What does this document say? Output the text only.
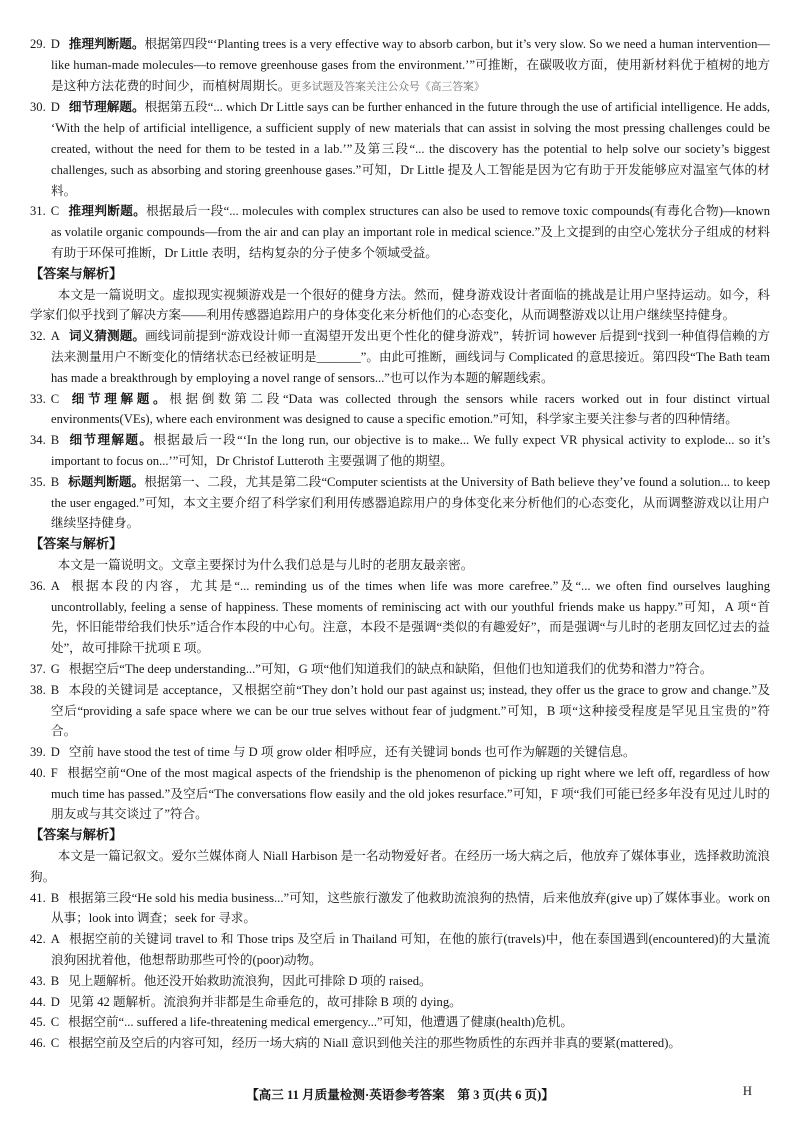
29. D 推理判断题。根据第四段“‘Planting trees is a very effective way to absorb carbon, but it’s very slow. So we need a human intervention—like human-made molecules—to remove greenhouse gases from the environment.’”可推断，在碳吸收方面，使用新材料优于植树的地方是这种方法花费的时间少，而植树周期长。更多试题及答案关注公众号《高三答案》

30. D 细节理解题。根据第五段“... which Dr Little says can be further enhanced in the future through the use of artificial intelligence. He adds, ‘With the help of artificial intelligence, a sufficient supply of new materials that can assist in solving the most pressing challenges could be created, without the need for them to be tested in a lab.’”及第三段“... the discovery has the potential to help solve our society’s biggest challenges, such as absorbing and storing greenhouse gases.”可知，Dr Little 提及人工智能是因为它有助于开发能够应对温室气体的材料。

31. C 推理判断题。根据最后一段“... molecules with complex structures can also be used to remove toxic compounds(有毒化合物)—known as volatile organic compounds—from the air and can play an important role in medical science.”及上文提到的由空心笼状分子组成的材料有助于环保可推断，Dr Little 表明，结构复杂的分子使多个领域受益。

【答案与解析】

本文是一篇说明文。虚拟现实视频游戏是一个很好的健身方法。然而，健身游戏设计者面临的挑战是让用户坚持运动。如今，科学家们似乎找到了解决方案——利用传感器追踪用户的身体变化来分析他们的心态变化，从而调整游戏以让用户继续坚持健身。

32. A 词义猜测题。画线词前提到“游戏设计师一直渴望开发出更个性化的健身游戏”，转折词 however 后提到“找到一种值得信赖的方法来测量用户不断变化的情绪状态已经被证明是_______”。由此可推断，画线词与 Complicated 的意思接近。第四段“The Bath team has made a breakthrough by employing a novel range of sensors...”也可以作为本题的解题线索。

33. C 细节理解题。根据倒数第二段“Data was collected through the sensors while racers worked out in four distinct virtual environments(VEs), where each environment was designed to cause a specific emotion.”可知，科学家主要关注参与者的四种情绪。

34. B 细节理解题。根据最后一段“‘In the long run, our objective is to make... We fully expect VR physical activity to explode... so it’s important to focus on...’”可知，Dr Christof Lutteroth 主要强调了他的期望。

35. B 标题判断题。根据第一、二段，尤其是第二段“Computer scientists at the University of Bath believe they’ve found a solution... to keep the user engaged.”可知，本文主要介绍了科学家们利用传感器追踪用户的身体变化来分析他们的心态变化，从而调整游戏以让用户继续坚持健身。

【答案与解析】

本文是一篇说明文。文章主要探讨为什么我们总是与儿时的老朋友最亲密。

36. A 根据本段的内容，尤其是“... reminding us of the times when life was more carefree.”及“... we often find ourselves laughing uncontrollably, feeling a sense of happiness. These moments of reminiscing act with our youthful friends make us happy.”可知，A 项“首先，怀旧能带给我们快乐”适合作本段的中心句。注意，本段不是强调“类似的有趣爱好”，而是强调“与儿时的老朋友回忆过去的益处”，故可排除干扰项 E 项。

37. G 根据空后“The deep understanding...”可知，G 项“他们知道我们的缺点和缺陷，但他们也知道我们的优势和潜力”符合。

38. B 本段的关键词是 acceptance，又根据空前“They don’t hold our past against us; instead, they offer us the grace to grow and change.”及空后“providing a safe space where we can be our true selves without fear of judgment.”可知，B 项“这种接受程度是罕见且宝贵的”符合。

39. D 空前 have stood the test of time 与 D 项 grow older 相呼应，还有关键词 bonds 也可作为解题的关键信息。

40. F 根据空前“One of the most magical aspects of the friendship is the phenomenon of picking up right where we left off, regardless of how much time has passed.”及空后“The conversations flow easily and the old jokes resurface.”可知，F 项“我们可能已经多年没有见过儿时的朋友或与其交谈过了”符合。

【答案与解析】

本文是一篇记叙文。爱尔兰媒体商人 Niall Harbison 是一名动物爱好者。在经历一场大病之后，他放弃了媒体事业，选择救助流浪狗。

41. B 根据第三段“He sold his media business...”可知，这些旅行激发了他救助流浪狗的热情，后来他放弃(give up)了媒体事业。work on 从事；look into 调查；seek for 寻求。

42. A 根据空前的关键词 travel to 和 Those trips 及空后 in Thailand 可知，在他的旅行(travels)中，他在泰国遇到(encountered)的大量流浪狗困扰着他，他想帮助那些可怜的(poor)动物。

43. B 见上题解析。他还没开始救助流浪狗，因此可排除 D 项的 raised。

44. D 见第 42 题解析。流浪狗并非都是生命垂危的，故可排除 B 项的 dying。

45. C 根据空前“... suffered a life-threatening medical emergency...”可知，他遭遇了健康(health)危机。

46. C 根据空前及空后的内容可知，经历一场大病的 Niall 意识到他关注的那些物质性的东西并非真的要紧(mattered)。

【高三 11 月质量检测·英语参考答案　第 3 页(共 6 页)】	H
